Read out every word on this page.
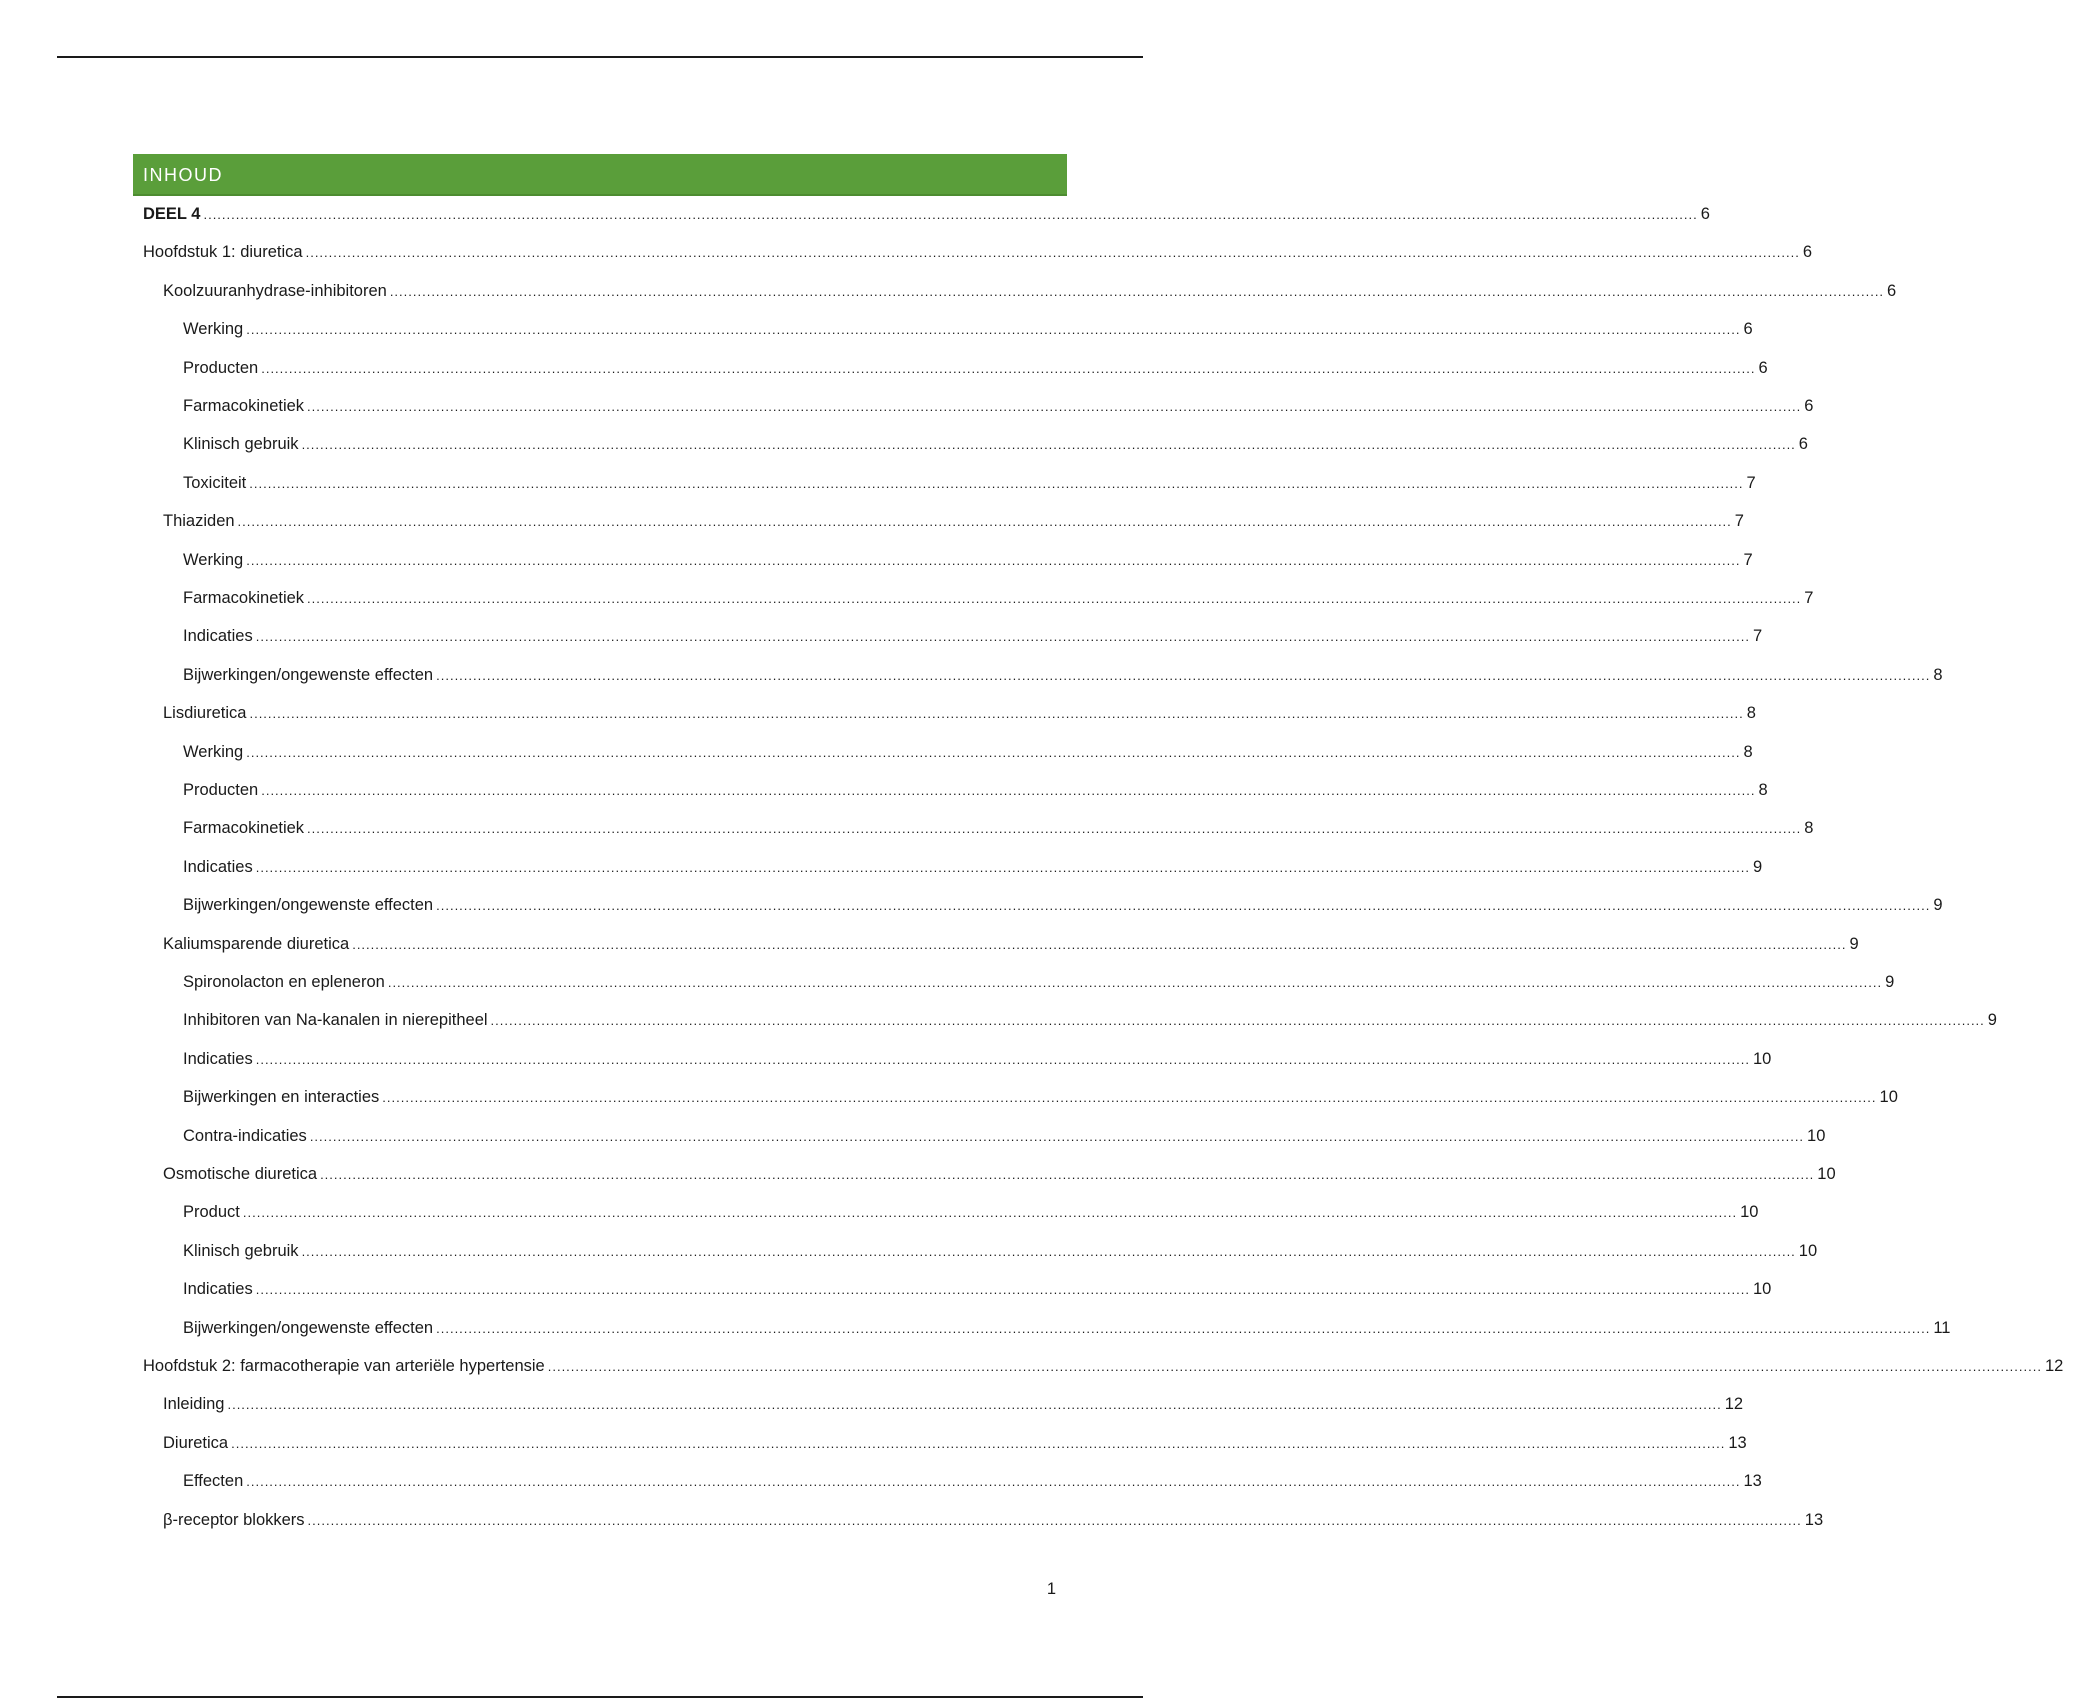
INHOUD
DEEL 4 .................................................................................................................................................................................................................................................................................................................................... 6
Hoofdstuk 1: diuretica .................................................................................................................................................................................................................................................................................................................................... 6
Koolzuuranhydrase-inhibitoren .................................................................................................................................................................................................................................................................................................................................... 6
Werking .................................................................................................................................................................................................................................................................................................................................... 6
Producten .................................................................................................................................................................................................................................................................................................................................... 6
Farmacokinetiek .................................................................................................................................................................................................................................................................................................................................... 6
Klinisch gebruik .................................................................................................................................................................................................................................................................................................................................... 6
Toxiciteit .................................................................................................................................................................................................................................................................................................................................... 7
Thiaziden .................................................................................................................................................................................................................................................................................................................................... 7
Werking .................................................................................................................................................................................................................................................................................................................................... 7
Farmacokinetiek .................................................................................................................................................................................................................................................................................................................................... 7
Indicaties .................................................................................................................................................................................................................................................................................................................................... 7
Bijwerkingen/ongewenste effecten .................................................................................................................................................................................................................................................................................................................................... 8
Lisdiuretica .................................................................................................................................................................................................................................................................................................................................... 8
Werking .................................................................................................................................................................................................................................................................................................................................... 8
Producten .................................................................................................................................................................................................................................................................................................................................... 8
Farmacokinetiek .................................................................................................................................................................................................................................................................................................................................... 8
Indicaties .................................................................................................................................................................................................................................................................................................................................... 9
Bijwerkingen/ongewenste effecten .................................................................................................................................................................................................................................................................................................................................... 9
Kaliumsparende diuretica .................................................................................................................................................................................................................................................................................................................................... 9
Spironolacton en epleneron .................................................................................................................................................................................................................................................................................................................................... 9
Inhibitoren van Na-kanalen in nierepitheel .................................................................................................................................................................................................................................................................................................................................... 9
Indicaties .................................................................................................................................................................................................................................................................................................................................... 10
Bijwerkingen en interacties .................................................................................................................................................................................................................................................................................................................................... 10
Contra-indicaties .................................................................................................................................................................................................................................................................................................................................... 10
Osmotische diuretica .................................................................................................................................................................................................................................................................................................................................... 10
Product .................................................................................................................................................................................................................................................................................................................................... 10
Klinisch gebruik .................................................................................................................................................................................................................................................................................................................................... 10
Indicaties .................................................................................................................................................................................................................................................................................................................................... 10
Bijwerkingen/ongewenste effecten .................................................................................................................................................................................................................................................................................................................................... 11
Hoofdstuk 2: farmacotherapie van arteriële hypertensie .................................................................................................................................................................................................................................................................................................................................... 12
Inleiding .................................................................................................................................................................................................................................................................................................................................... 12
Diuretica .................................................................................................................................................................................................................................................................................................................................... 13
Effecten .................................................................................................................................................................................................................................................................................................................................... 13
β-receptor blokkers .................................................................................................................................................................................................................................................................................................................................... 13
1
